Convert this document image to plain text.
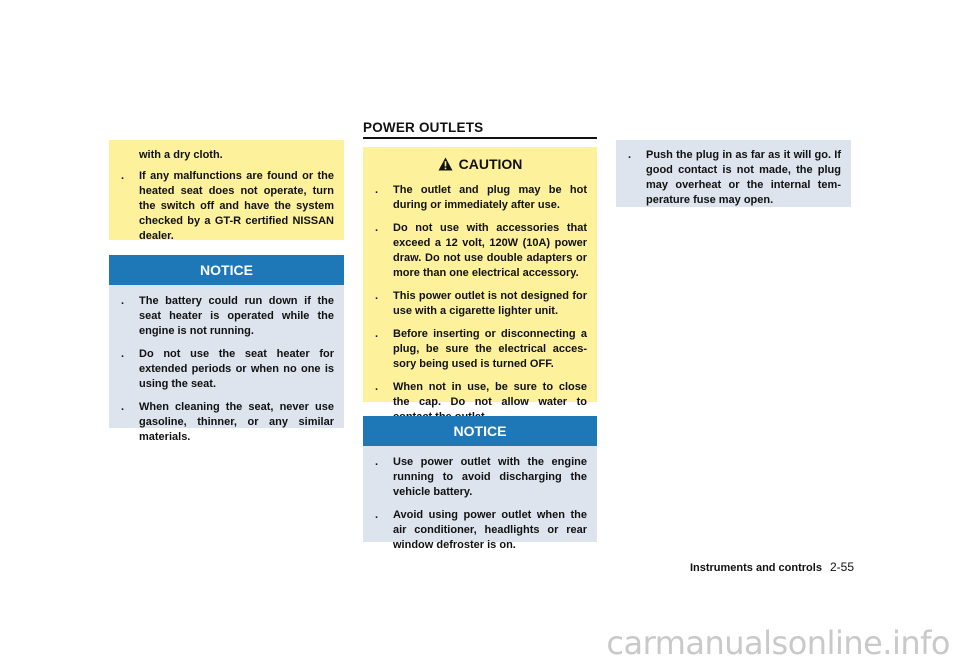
with a dry cloth.
. If any malfunctions are found or the heated seat does not operate, turn the switch off and have the system checked by a GT-R certified NISSAN dealer.
NOTICE
. The battery could run down if the seat heater is operated while the engine is not running.
. Do not use the seat heater for extended periods or when no one is using the seat.
. When cleaning the seat, never use gasoline, thinner, or any similar materials.
POWER OUTLETS
CAUTION
. The outlet and plug may be hot during or immediately after use.
. Do not use with accessories that exceed a 12 volt, 120W (10A) power draw. Do not use double adapters or more than one electrical accessory.
. This power outlet is not designed for use with a cigarette lighter unit.
. Before inserting or disconnecting a plug, be sure the electrical acces-sory being used is turned OFF.
. When not in use, be sure to close the cap. Do not allow water to
NOTICE
. Use power outlet with the engine running to avoid discharging the vehicle battery.
. Avoid using power outlet when the air conditioner, headlights or rear window defroster is on.
. Push the plug in as far as it will go. If good contact is not made, the plug may overheat or the internal tem-perature fuse may open.
Instruments and controls 2-55
carmanualsonline.info
